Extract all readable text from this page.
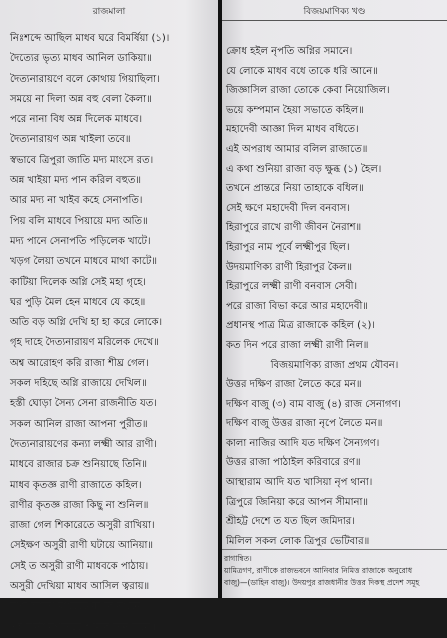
রাজমালা
নিঃশব্দে আছিল মাধব ঘরে বিমর্ষিয়া (১)।
দৈত্যের ভৃত্য মাধব আনিল ডাকিয়া॥
দৈত্যনারায়ণে বলে কোথায় গিয়াছিলা।
সময়ে না দিলা অন্ন বহু বেলা কৈলা॥
পরে নানা বিধ অন্ন দিলেক মাধবে।
দৈত্যনারায়ণ অন্ন খাইলা তবে॥
স্বভাবে ত্রিপুরা জাতি মদ্য মাংসে রত।
অন্ন খাইয়া মদ্য পান করিল বহুত॥
আর মদ্য না খাইব কহে সেনাপতি।
পিয় বলি মাধবে পিয়ায়ে মদ্য অতি॥
মদ্য পানে সেনাপতি পড়িলেক খাটে।
খড়গ লৈয়া তখনে মাধবে মাথা কাটে॥
কাটিয়া দিলেক অগ্নি সেই মহা গৃহে।
ঘর পুড়ি মৈল হেন মাধবে যে কহে॥
অতি বড় অগ্নি দেখি হা হা করে লোকে।
গৃহ দাহে দৈত্যনারায়ণ মরিলেক দেখে॥
অশ্ব আরোহণ করি রাজা শীঘ্র গেল।
সকল দহিছে অগ্নি রাজায়ে দেখিল॥
হস্তী ঘোড়া সৈন্য সেনা রাজনীতি যত।
সকল আনিল রাজা আপনা পুরীত॥
দৈত্যনারায়ণের কন্যা লক্ষ্মী আর রাণী।
মাধবে রাজার চক্র শুনিয়াছে তিনি॥
মাধব কৃতজ্ঞ রাণী রাজাতে কহিল।
রাণীর কৃতজ্ঞ রাজা কিছু না শুনিল॥
রাজা গেল শিকারেতে অসুরী রাখিয়া।
সেইক্ষণ অসুরী রাণী ঘটায়ে আনিয়া॥
সেই ত অসুরী রাণী মাধবকে পাঠায়।
অসুরী দেখিয়া মাধব আসিল ত্বরায়॥
রাণী আজ্ঞা মাধবকে বধিল তখনে।
এই বার্তা নৃপতিয়ে শুনিল তিন দিনে॥
বিজয়মাণিক্য খণ্ড
ক্রোধ হইল নৃপতি অগ্নির সমানে।
যে লোকে মাধব বধে তাকে ধরি আনে॥
জিজ্ঞাসিল রাজা তোকে কেবা নিয়োজিল।
ভয়ে কম্পমান হৈয়া সভাতে কহিল॥
মহাদেবী আজ্ঞা দিল মাধব বধিতে।
এই অপরাধ আমার বলিল রাজাতে॥
এ কথা শুনিয়া রাজা বড় ক্ষুব্ধ (১) হৈল।
তখনে প্রান্তরে নিয়া তাহাকে বধিল॥
সেই ক্ষণে মহাদেবী দিল বনবাস।
হিরাপুরে রাখে রাণী জীবন নৈরাশ॥
হিরাপুর নাম পূর্বে লক্ষ্মীপুর ছিল।
উদয়মাণিক্য রাণী হিরাপুর কৈল॥
হিরাপুরে লক্ষ্মী রাণী বনবাস সেবী।
পরে রাজা বিভা করে আর মহাদেবী॥
প্রধানস্থ পাত্র মিত্র রাজাকে কহিল (২)।
কত দিন পরে রাজা লক্ষ্মী রাণী নিল॥
বিজয়মাণিক্য রাজা প্রথম যৌবন।
উত্তর দক্ষিণ রাজা লৈতে করে মন॥
দক্ষিণ বাজু (৩) বাম বাজু (৪) রাজ সেনাগণ।
দক্ষিণ বাজু উত্তর রাজা নৃপে লৈতে মন॥
কালা নাজির আদি যত দক্ষিণ সৈন্যগণ।
উত্তর রাজা পাঠাইল করিবারে রণ॥
আস্থারাম আদি যত খাসিয়া নৃপ থানা।
ত্রিপুরে জিনিয়া করে আপন সীমানা॥
শ্রীহট্ট দেশে ত যত ছিল জমিদার।
মিলিল সকল লোক ত্রিপুর ভেটিবার॥
রাগান্বিত।
য়ামিত্রগণ, রাণীকে রাজভবনে আনিবার নিমিত্ত রাজাকে অনুরোধ
বাজু)—(ডাহিন বাজু)। উদয়পুর রাজধানীর উত্তর দিকস্থ প্রদেশ সমূহ
